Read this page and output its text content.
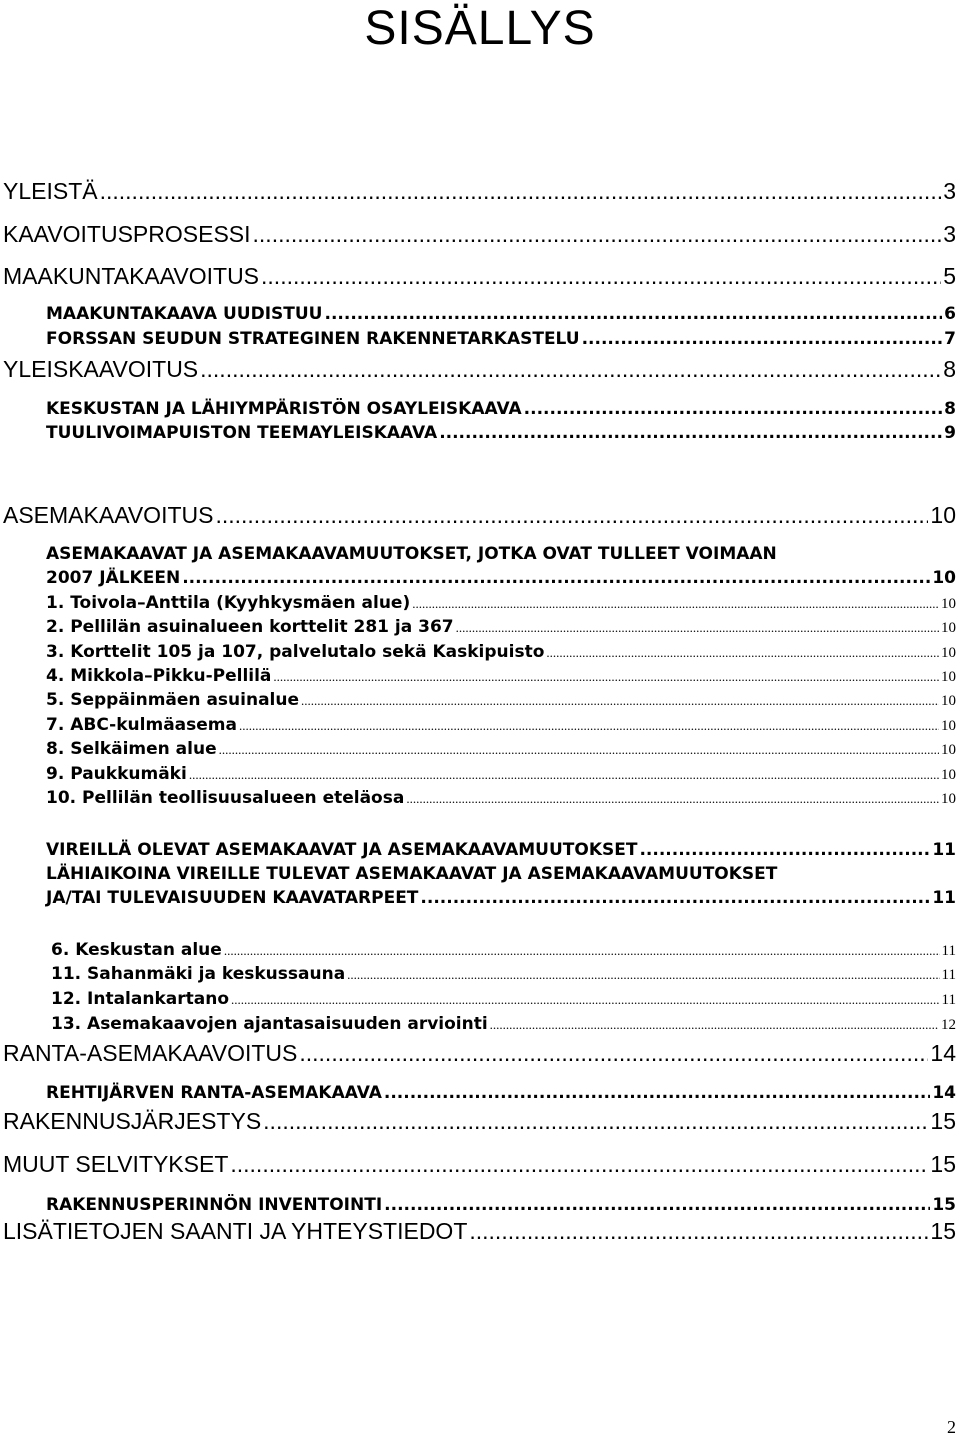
SISÄLLYS
YLEISTÄ .....	3
KAAVOITUSPROSESSI .....	3
MAAKUNTAKAAVOITUS .....	5
MAAKUNTAKAAVA UUDISTUU .....	6
FORSSAN SEUDUN STRATEGINEN RAKENNETARKASTELU .....	7
YLEISKAAVOITUS .....	8
KESKUSTAN JA LÄHIYMPÄRISTÖN OSAYLEISKAAVA .....	8
TUULIVOIMAPUISTON TEEMAYLEISKAAVA .....	9
ASEMAKAAVOITUS .....	10
ASEMAKAAVAT JA ASEMAKAAVAMUUTOKSET, JOTKA OVAT TULLEET VOIMAAN
2007 JÄLKEEN .....	10
1. Toivola–Anttila (Kyyhkysmäen alue) .....	10
2. Pellilän asuinalueen korttelit 281 ja 367 .....	10
3. Korttelit 105 ja 107, palvelutalo sekä Kaskipuisto .....	10
4. Mikkola–Pikku-Pellilä .....	10
5. Seppäinmäen asuinalue .....	10
7. ABC-kulmäasema .....	10
8. Selkäimen alue .....	10
9. Paukkumäki .....	10
10. Pellilän teollisuusalueen eteläosa .....	10
VIREILLÄ OLEVAT ASEMAKAAVAT JA ASEMAKAAVAMUUTOKSET .....	11
LÄHIAIKOINA VIREILLE TULEVAT ASEMAKAAVAT JA ASEMAKAAVAMUUTOKSET
JA/TAI TULEVAISUUDEN KAAVATARPEET .....	11
6. Keskustan alue .....	11
11. Sahanmäki ja keskussauna .....	11
12. Intalankartano .....	11
13. Asemakaavojen ajantasaisuuden arviointi .....	12
RANTA-ASEMAKAAVOITUS .....	14
REHTIJÄRVEN RANTA-ASEMAKAAVA .....	14
RAKENNUSJÄRJESTYS .....	15
MUUT SELVITYKSET .....	15
RAKENNUSPERINNÖN INVENTOINTI .....	15
LISÄTIETOJEN SAANTI JA YHTEYSTIEDOT .....	15
2
